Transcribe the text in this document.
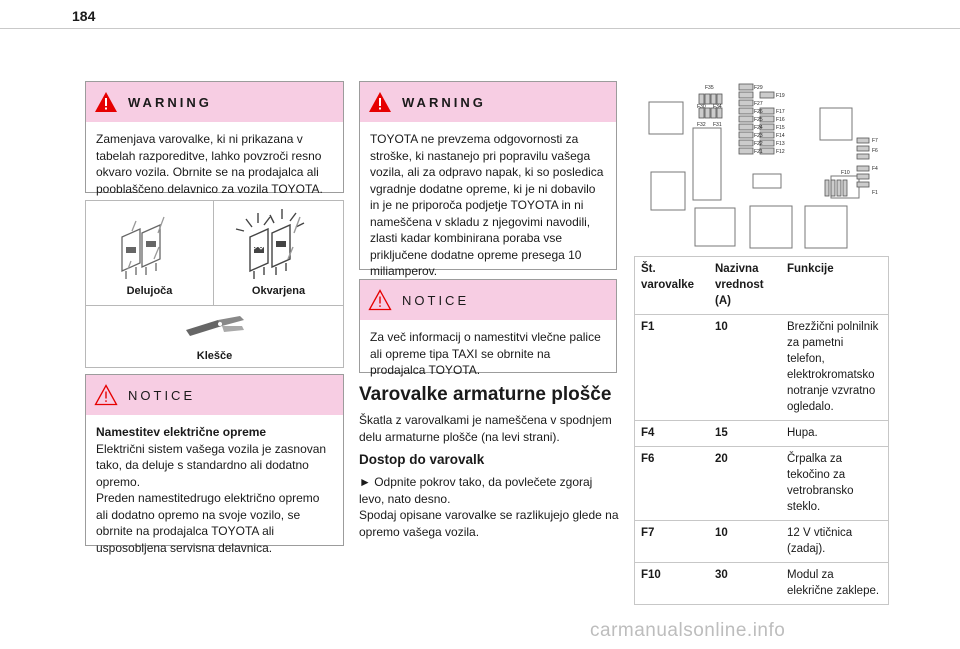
184
WARNING

Zamenjava varovalke, ki ni prikazana v tabelah razporeditve, lahko povzroči resno okvaro vozila. Obrnite se na prodajalca ali pooblaščeno delavnico za vozila TOYOTA.

Delujoča	Okvarjena
Klešče
NOTICE

Namestitev električne opreme

Električni sistem vašega vozila je zasnovan tako, da deluje s standardno ali dodatno opremo.
Preden namestitedrugo električno opremo ali dodatno opremo na svoje vozilo, se obrnite na prodajalca TOYOTA ali usposobljena servisna delavnica.

WARNING

TOYOTA ne prevzema odgovornosti za stroške, ki nastanejo pri popravilu vašega vozila, ali za odpravo napak, ki so posledica vgradnje dodatne opreme, ki je ni dobavilo in je ne priporoča podjetje TOYOTA in ni nameščena v skladu z njegovimi navodili, zlasti kadar kombinirana poraba vse priključene dodatne opreme presega 10 miliamperov.

NOTICE

Za več informacij o namestitvi vlečne palice ali opreme tipa TAXI se obrnite na prodajalca TOYOTA.

Varovalke armaturne plošče

Škatla z varovalkami je nameščena v spodnjem delu armaturne plošče (na levi strani).

Dostop do varovalk

► Odpnite pokrov tako, da povlečete zgoraj levo, nato desno.
Spodaj opisane varovalke se razlikujejo glede na opremo vašega vozila.

F35	F29
F19
F30 F34
F32 F31
F27
F26
F25
F24
F23
F22
F21
F17
F16
F15
F14
F13
F12
F7
F6
F4
F1
F10
Št. varovalke	Nazivna vrednost (A)	Funkcije
F1	10	Brezžični polnilnik za pametni telefon, elektrokromatsko notranje vzvratno ogledalo.
F4	15	Hupa.
F6	20	Črpalka za tekočino za vetrobransko steklo.
F7	10	12 V vtičnica (zadaj).
F10	30	Modul za elekrične zaklepe.
carmanualsonline.info
